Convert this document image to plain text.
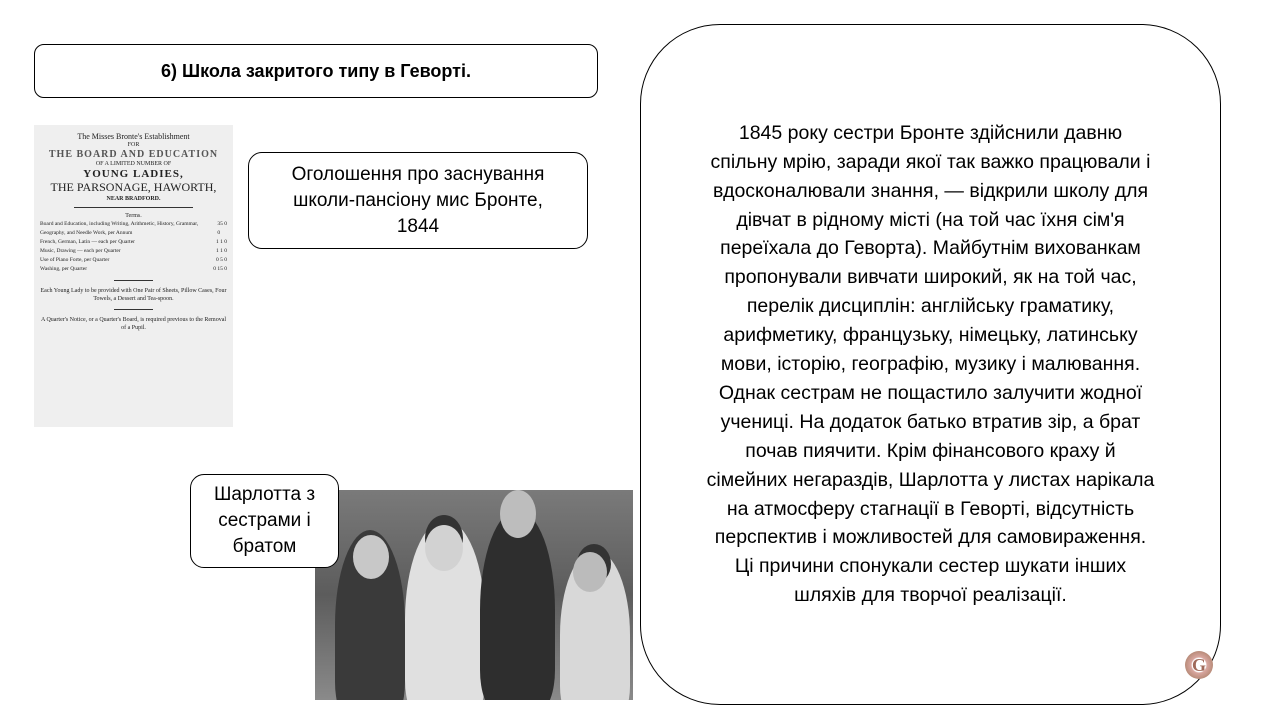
6) Школа закритого типу в Геворті.
The Misses Bronte's Establishment
FOR
THE BOARD AND EDUCATION
OF A LIMITED NUMBER OF
YOUNG LADIES,
THE PARSONAGE, HAWORTH,
NEAR BRADFORD.
Terms.
Board and Education, including Writing, Arithmetic, History, Grammar, Geography, and Needle Work, per Annum
35 0 0
French, German, Latin — each per Quarter	1 1 0
Music, Drawing — each per Quarter	1 1 0
Use of Piano Forte, per Quarter	0 5 0
Washing, per Quarter	0 15 0
Each Young Lady to be provided with One Pair of Sheets, Pillow Cases, Four Towels, a Dessert and Tea-spoon.
A Quarter's Notice, or a Quarter's Board, is required previous to the Removal of a Pupil.
Оголошення про заснування
школи-пансіону мис Бронте,
1844
Шарлотта з
сестрами і
братом
1845 року сестри Бронте здійснили давню
спільну мрію, заради якої так важко працювали і
вдосконалювали знання, — відкрили школу для
дівчат в рідному місті (на той час їхня сім'я
переїхала до Геворта). Майбутнім вихованкам
пропонували вивчати широкий, як на той час,
перелік дисциплін: англійську граматику,
арифметику, французьку, німецьку, латинську
мови, історію, географію, музику і малювання.
Однак сестрам не пощастило залучити жодної
учениці. На додаток батько втратив зір, а брат
почав пиячити. Крім фінансового краху й
сімейних негараздів, Шарлотта у листах нарікала
на атмосферу стагнації в Геворті, відсутність
перспектив і можливостей для самовираження.
Ці причини спонукали сестер шукати інших
шляхів для творчої реалізації.
G
